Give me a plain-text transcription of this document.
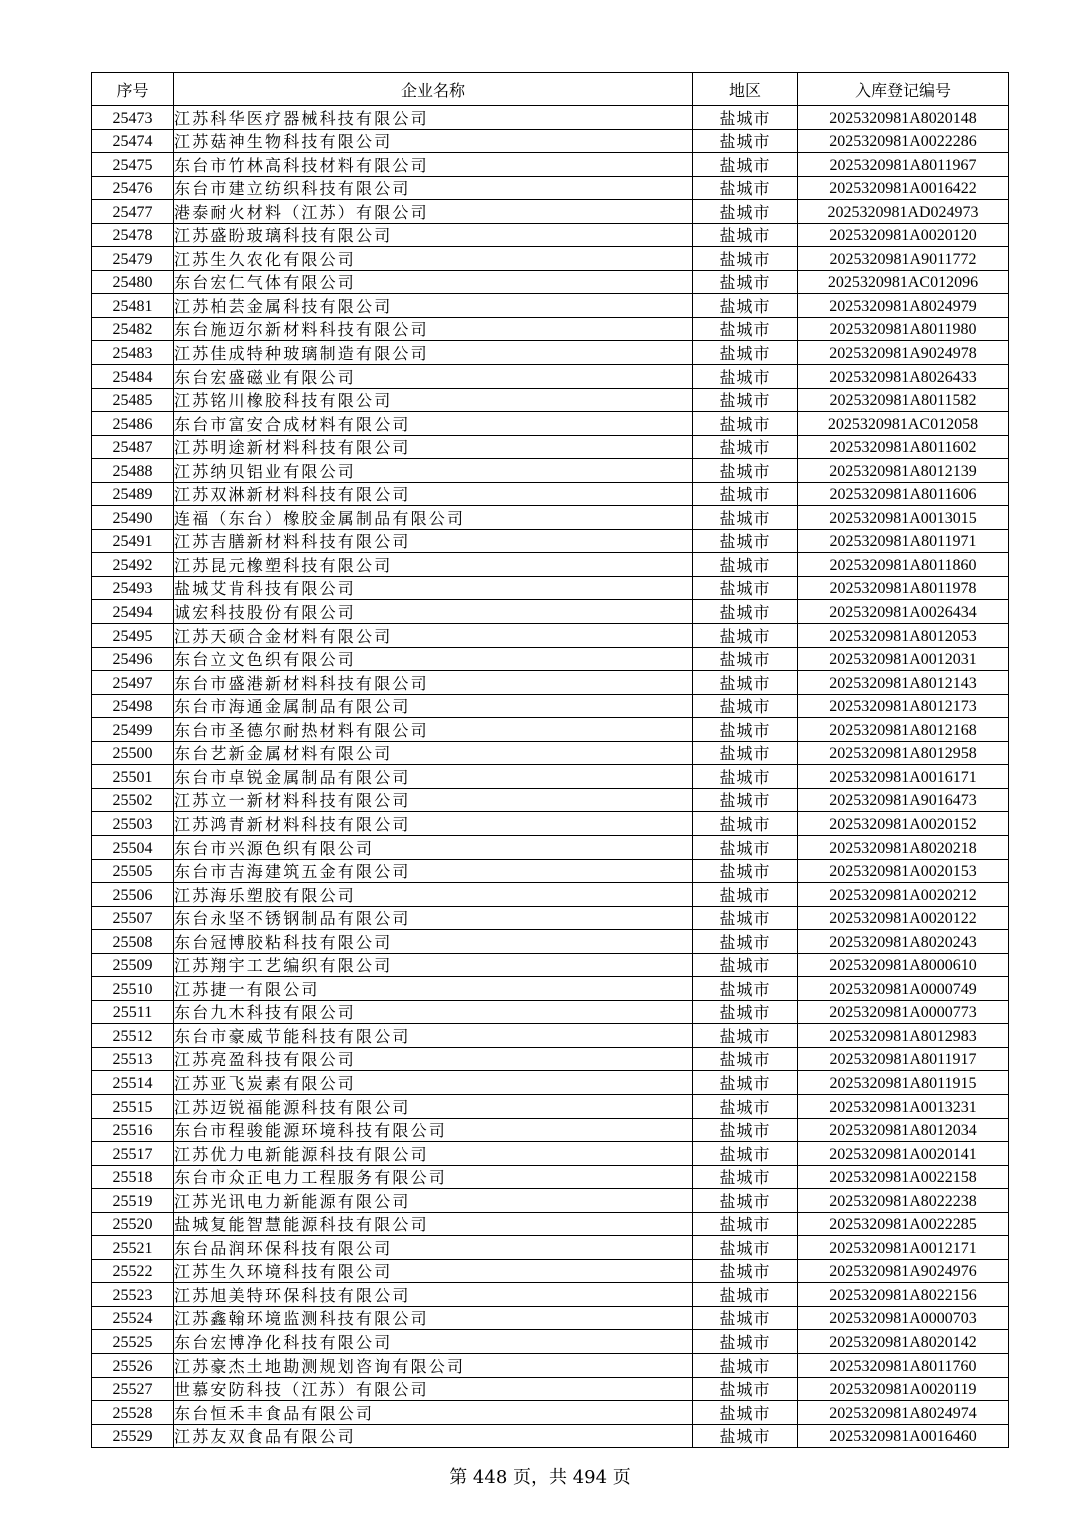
序号	企业名称	地区	入库登记编号
25473	江苏科华医疗器械科技有限公司	盐城市	2025320981A8020148
25474	江苏菇神生物科技有限公司	盐城市	2025320981A0022286
25475	东台市竹林高科技材料有限公司	盐城市	2025320981A8011967
25476	东台市建立纺织科技有限公司	盐城市	2025320981A0016422
25477	港泰耐火材料（江苏）有限公司	盐城市	2025320981AD024973
25478	江苏盛盼玻璃科技有限公司	盐城市	2025320981A0020120
25479	江苏生久农化有限公司	盐城市	2025320981A9011772
25480	东台宏仁气体有限公司	盐城市	2025320981AC012096
25481	江苏柏芸金属科技有限公司	盐城市	2025320981A8024979
25482	东台施迈尔新材料科技有限公司	盐城市	2025320981A8011980
25483	江苏佳成特种玻璃制造有限公司	盐城市	2025320981A9024978
25484	东台宏盛磁业有限公司	盐城市	2025320981A8026433
25485	江苏铭川橡胶科技有限公司	盐城市	2025320981A8011582
25486	东台市富安合成材料有限公司	盐城市	2025320981AC012058
25487	江苏明途新材料科技有限公司	盐城市	2025320981A8011602
25488	江苏纳贝铝业有限公司	盐城市	2025320981A8012139
25489	江苏双淋新材料科技有限公司	盐城市	2025320981A8011606
25490	连福（东台）橡胶金属制品有限公司	盐城市	2025320981A0013015
25491	江苏吉膳新材料科技有限公司	盐城市	2025320981A8011971
25492	江苏昆元橡塑科技有限公司	盐城市	2025320981A8011860
25493	盐城艾肯科技有限公司	盐城市	2025320981A8011978
25494	诚宏科技股份有限公司	盐城市	2025320981A0026434
25495	江苏天硕合金材料有限公司	盐城市	2025320981A8012053
25496	东台立文色织有限公司	盐城市	2025320981A0012031
25497	东台市盛港新材料科技有限公司	盐城市	2025320981A8012143
25498	东台市海通金属制品有限公司	盐城市	2025320981A8012173
25499	东台市圣德尔耐热材料有限公司	盐城市	2025320981A8012168
25500	东台艺新金属材料有限公司	盐城市	2025320981A8012958
25501	东台市卓锐金属制品有限公司	盐城市	2025320981A0016171
25502	江苏立一新材料科技有限公司	盐城市	2025320981A9016473
25503	江苏鸿青新材料科技有限公司	盐城市	2025320981A0020152
25504	东台市兴源色织有限公司	盐城市	2025320981A8020218
25505	东台市吉海建筑五金有限公司	盐城市	2025320981A0020153
25506	江苏海乐塑胶有限公司	盐城市	2025320981A0020212
25507	东台永坚不锈钢制品有限公司	盐城市	2025320981A0020122
25508	东台冠博胶粘科技有限公司	盐城市	2025320981A8020243
25509	江苏翔宇工艺编织有限公司	盐城市	2025320981A8000610
25510	江苏捷一有限公司	盐城市	2025320981A0000749
25511	东台九木科技有限公司	盐城市	2025320981A0000773
25512	东台市豪威节能科技有限公司	盐城市	2025320981A8012983
25513	江苏亮盈科技有限公司	盐城市	2025320981A8011917
25514	江苏亚飞炭素有限公司	盐城市	2025320981A8011915
25515	江苏迈锐福能源科技有限公司	盐城市	2025320981A0013231
25516	东台市程骏能源环境科技有限公司	盐城市	2025320981A8012034
25517	江苏优力电新能源科技有限公司	盐城市	2025320981A0020141
25518	东台市众正电力工程服务有限公司	盐城市	2025320981A0022158
25519	江苏光讯电力新能源有限公司	盐城市	2025320981A8022238
25520	盐城复能智慧能源科技有限公司	盐城市	2025320981A0022285
25521	东台品润环保科技有限公司	盐城市	2025320981A0012171
25522	江苏生久环境科技有限公司	盐城市	2025320981A9024976
25523	江苏旭美特环保科技有限公司	盐城市	2025320981A8022156
25524	江苏鑫翰环境监测科技有限公司	盐城市	2025320981A0000703
25525	东台宏博净化科技有限公司	盐城市	2025320981A8020142
25526	江苏豪杰土地勘测规划咨询有限公司	盐城市	2025320981A8011760
25527	世慕安防科技（江苏）有限公司	盐城市	2025320981A0020119
25528	东台恒禾丰食品有限公司	盐城市	2025320981A8024974
25529	江苏友双食品有限公司	盐城市	2025320981A0016460
第 448 页，共 494 页
